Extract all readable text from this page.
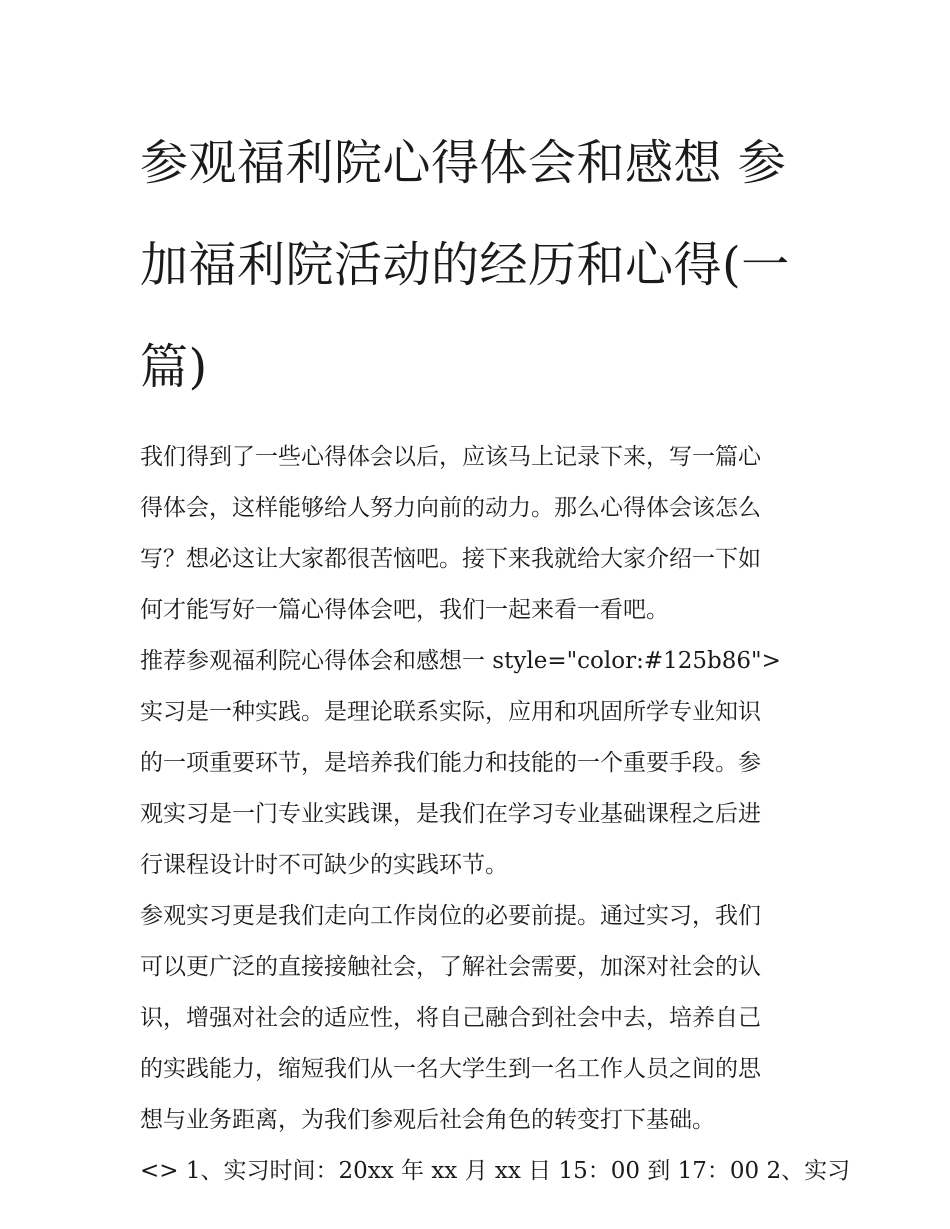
参观福利院心得体会和感想 参
加福利院活动的经历和心得(一
篇)

我们得到了一些心得体会以后，应该马上记录下来，写一篇心
得体会，这样能够给人努力向前的动力。那么心得体会该怎么
写？想必这让大家都很苦恼吧。接下来我就给大家介绍一下如
何才能写好一篇心得体会吧，我们一起来看一看吧。

推荐参观福利院心得体会和感想一 style="color:#125b86">

实习是一种实践。是理论联系实际，应用和巩固所学专业知识
的一项重要环节，是培养我们能力和技能的一个重要手段。参
观实习是一门专业实践课，是我们在学习专业基础课程之后进
行课程设计时不可缺少的实践环节。

参观实习更是我们走向工作岗位的必要前提。通过实习，我们
可以更广泛的直接接触社会，了解社会需要，加深对社会的认
识，增强对社会的适应性，将自己融合到社会中去，培养自己
的实践能力，缩短我们从一名大学生到一名工作人员之间的思
想与业务距离，为我们参观后社会角色的转变打下基础。

<> 1、实习时间：20xx 年 xx 月 xx 日 15：00 到 17：00 2、实习
